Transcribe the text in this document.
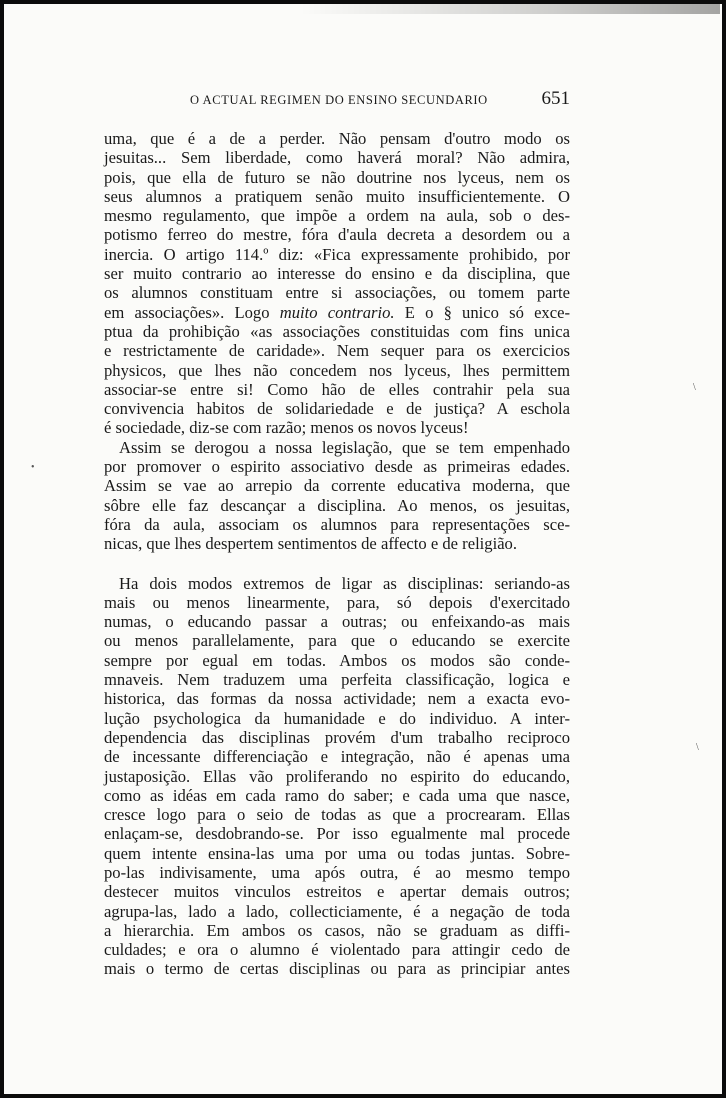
O ACTUAL REGIMEN DO ENSINO SECUNDARIO	651
uma, que é a de a perder. Não pensam d'outro modo os
jesuitas... Sem liberdade, como haverá moral? Não admira,
pois, que ella de futuro se não doutrine nos lyceus, nem os
seus alumnos a pratiquem senão muito insufficientemente. O
mesmo regulamento, que impõe a ordem na aula, sob o des-
potismo ferreo do mestre, fóra d'aula decreta a desordem ou a
inercia. O artigo 114.º diz: «Fica expressamente prohibido, por
ser muito contrario ao interesse do ensino e da disciplina, que
os alumnos constituam entre si associações, ou tomem parte
em associações». Logo muito contrario. E o § unico só exce-
ptua da prohibição «as associações constituidas com fins unica
e restrictamente de caridade». Nem sequer para os exercicios
physicos, que lhes não concedem nos lyceus, lhes permittem
associar-se entre si! Como hão de elles contrahir pela sua
convivencia habitos de solidariedade e de justiça? A eschola
é sociedade, diz-se com razão; menos os novos lyceus!
Assim se derogou a nossa legislação, que se tem empenhado
por promover o espirito associativo desde as primeiras edades.
Assim se vae ao arrepio da corrente educativa moderna, que
sôbre elle faz descançar a disciplina. Ao menos, os jesuitas,
fóra da aula, associam os alumnos para representações sce-
nicas, que lhes despertem sentimentos de affecto e de religião.
Ha dois modos extremos de ligar as disciplinas: seriando-as
mais ou menos linearmente, para, só depois d'exercitado
numas, o educando passar a outras; ou enfeixando-as mais
ou menos parallelamente, para que o educando se exercite
sempre por egual em todas. Ambos os modos são conde-
mnaveis. Nem traduzem uma perfeita classificação, logica e
historica, das formas da nossa actividade; nem a exacta evo-
lução psychologica da humanidade e do individuo. A inter-
dependencia das disciplinas provém d'um trabalho reciproco
de incessante differenciação e integração, não é apenas uma
justaposição. Ellas vão proliferando no espirito do educando,
como as idéas em cada ramo do saber; e cada uma que nasce,
cresce logo para o seio de todas as que a procrearam. Ellas
enlaçam-se, desdobrando-se. Por isso egualmente mal procede
quem intente ensina-las uma por uma ou todas juntas. Sobre-
po-las indivisamente, uma após outra, é ao mesmo tempo
destecer muitos vinculos estreitos e apertar demais outros;
agrupa-las, lado a lado, collecticiamente, é a negação de toda
a hierarchia. Em ambos os casos, não se graduam as diffi-
culdades; e ora o alumno é violentado para attingir cedo de
mais o termo de certas disciplinas ou para as principiar antes
\
•
\
